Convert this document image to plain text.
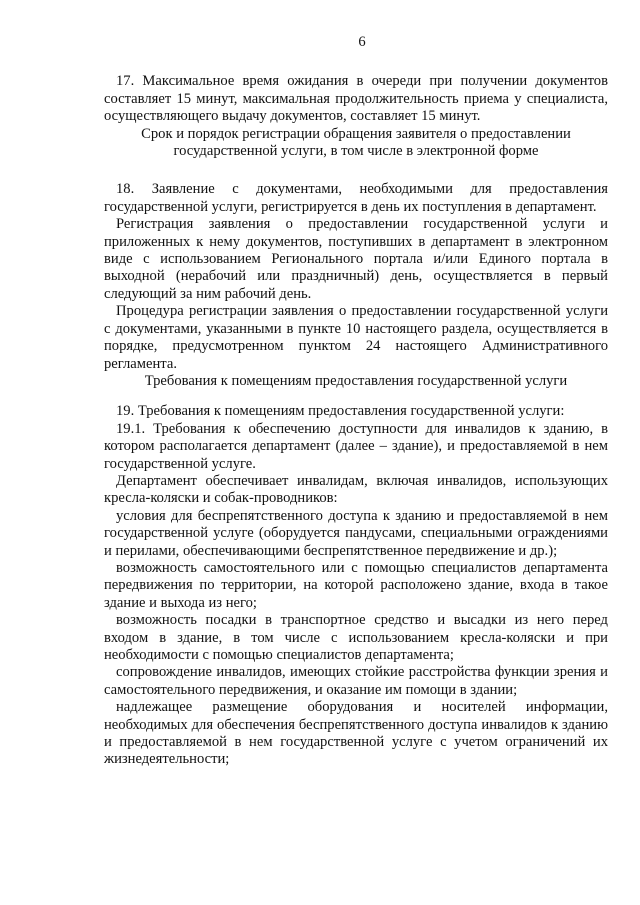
6

17. Максимальное время ожидания в очереди при получении документов составляет 15 минут, максимальная продолжительность приема у специалиста, осуществляющего выдачу документов, составляет 15 минут.

Срок и порядок регистрации обращения заявителя о предоставлении государственной услуги, в том числе в электронной форме

18. Заявление с документами, необходимыми для предоставления государственной услуги, регистрируется в день их поступления в департамент.

Регистрация заявления о предоставлении государственной услуги и приложенных к нему документов, поступивших в департамент в электронном виде с использованием Регионального портала и/или Единого портала в выходной (нерабочий или праздничный) день, осуществляется в первый следующий за ним рабочий день.

Процедура регистрации заявления о предоставлении государственной услуги с документами, указанными в пункте 10 настоящего раздела, осуществляется в порядке, предусмотренном пунктом 24 настоящего Административного регламента.

Требования к помещениям предоставления государственной услуги

19. Требования к помещениям предоставления государственной услуги:

19.1. Требования к обеспечению доступности для инвалидов к зданию, в котором располагается департамент (далее – здание), и предоставляемой в нем государственной услуге.

Департамент обеспечивает инвалидам, включая инвалидов, использующих кресла-коляски и собак-проводников:

условия для беспрепятственного доступа к зданию и предоставляемой в нем государственной услуге (оборудуется пандусами, специальными ограждениями и перилами, обеспечивающими беспрепятственное передвижение и др.);

возможность самостоятельного или с помощью специалистов департамента передвижения по территории, на которой расположено здание, входа в такое здание и выхода из него;

возможность посадки в транспортное средство и высадки из него перед входом в здание, в том числе с использованием кресла-коляски и при необходимости с помощью специалистов департамента;

сопровождение инвалидов, имеющих стойкие расстройства функции зрения и самостоятельного передвижения, и оказание им помощи в здании;

надлежащее размещение оборудования и носителей информации, необходимых для обеспечения беспрепятственного доступа инвалидов к зданию и предоставляемой в нем государственной услуге с учетом ограничений их жизнедеятельности;
